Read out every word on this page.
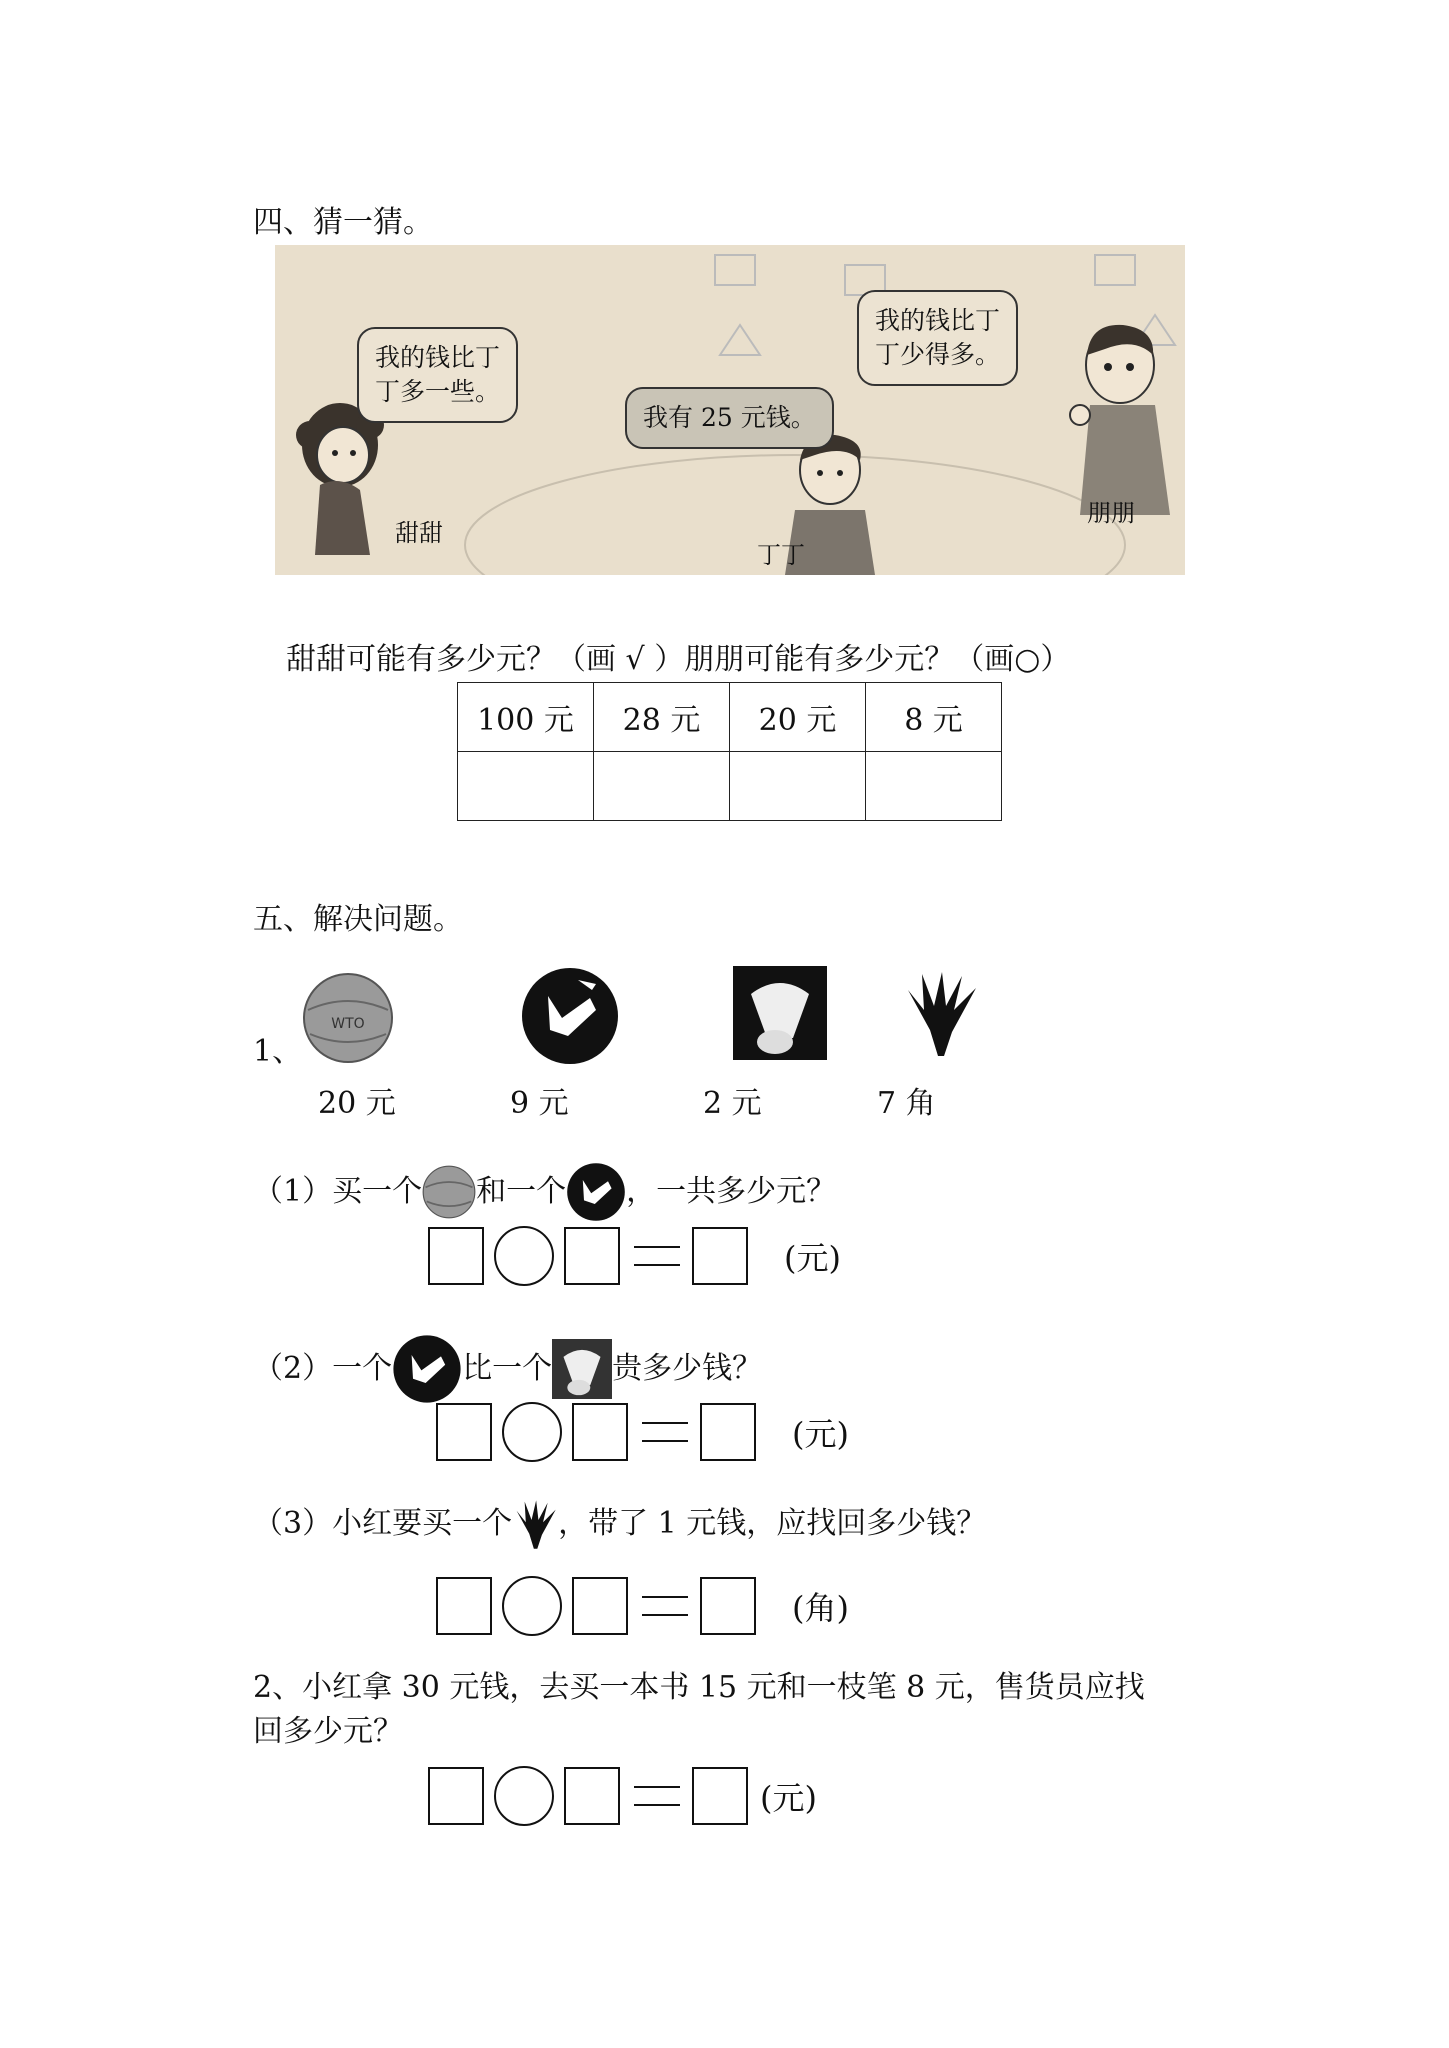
四、猜一猜。
我的钱比丁
丁多一些。
我有 25 元钱。
我的钱比丁
丁少得多。
甜甜
丁丁
朋朋
甜甜可能有多少元？（画 √ ）朋朋可能有多少元？（画○）
100 元	28 元	20 元	8 元

五、解决问题。
1、
WTO
20 元	9 元	2 元	7 角
（1）买一个 和一个 ，一共多少元？
(元)
（2）一个 比一个 贵多少钱？
(元)
（3）小红要买一个 ，带了 1 元钱，应找回多少钱？
(角)
2、小红拿 30 元钱，去买一本书 15 元和一枝笔 8 元，售货员应找
回多少元？
(元)
